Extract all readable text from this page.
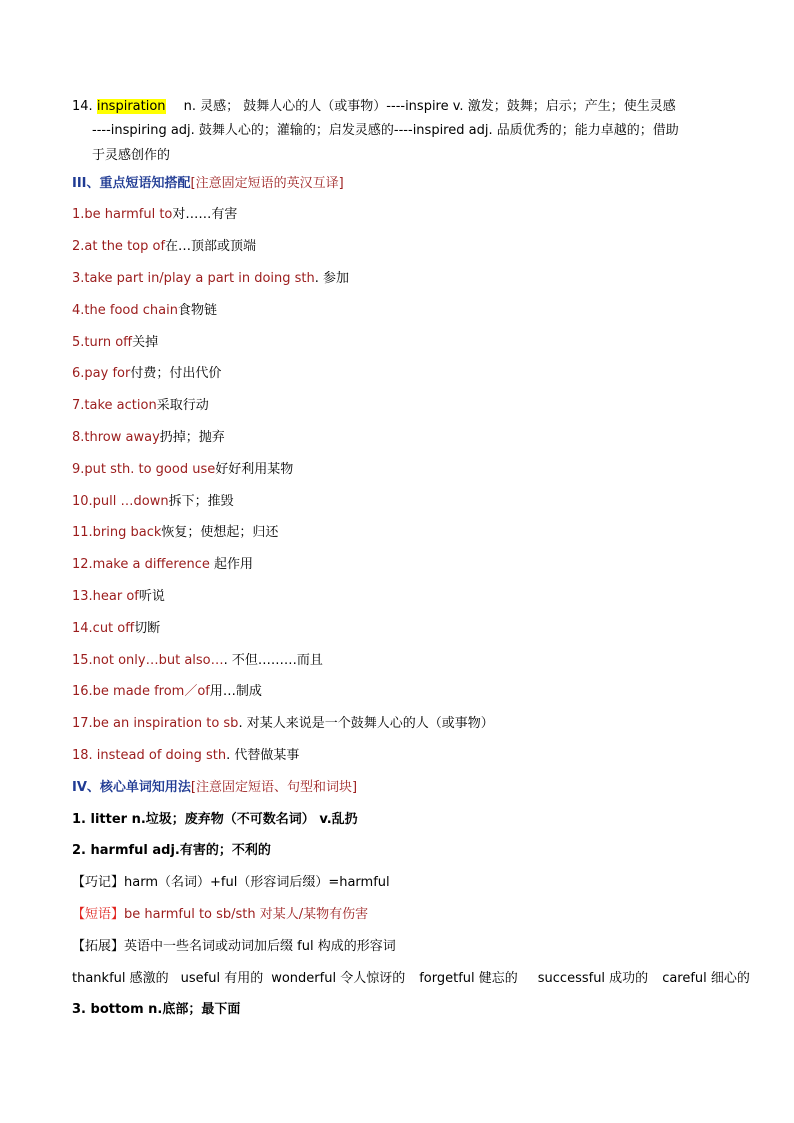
14. inspiration n. 灵感； 鼓舞人心的人（或事物）----inspire v. 激发；鼓舞；启示；产生；使生灵感
----inspiring adj. 鼓舞人心的；灌输的；启发灵感的----inspired adj. 品质优秀的；能力卓越的；借助
于灵感创作的
III、重点短语知搭配[注意固定短语的英汉互译]
1.be harmful to对……有害
2.at the top of在…顶部或顶端
3.take part in/play a part in doing sth. 参加
4.the food chain食物链
5.turn off关掉
6.pay for付费；付出代价
7.take action采取行动
8.throw away扔掉；抛弃
9.put sth. to good use好好利用某物
10.pull …down拆下；推毁
11.bring back恢复；使想起；归还
12.make a difference 起作用
13.hear of听说
14.cut off切断
15.not only…but also…. 不但………而且
16.be made from／of用…制成
17.be an inspiration to sb. 对某人来说是一个鼓舞人心的人（或事物）
18. instead of doing sth. 代替做某事
IV、核心单词知用法[注意固定短语、句型和词块]
1. litter n.垃圾；废弃物（不可数名词） v.乱扔
2. harmful adj.有害的；不利的
【巧记】harm（名词）+ful（形容词后缀）=harmful
【短语】be harmful to sb/sth 对某人/某物有伤害
【拓展】英语中一些名词或动词加后缀 ful 构成的形容词
thankful 感激的 useful 有用的 wonderful 令人惊讶的 forgetful 健忘的 successful 成功的 careful 细心的
3. bottom n.底部；最下面
